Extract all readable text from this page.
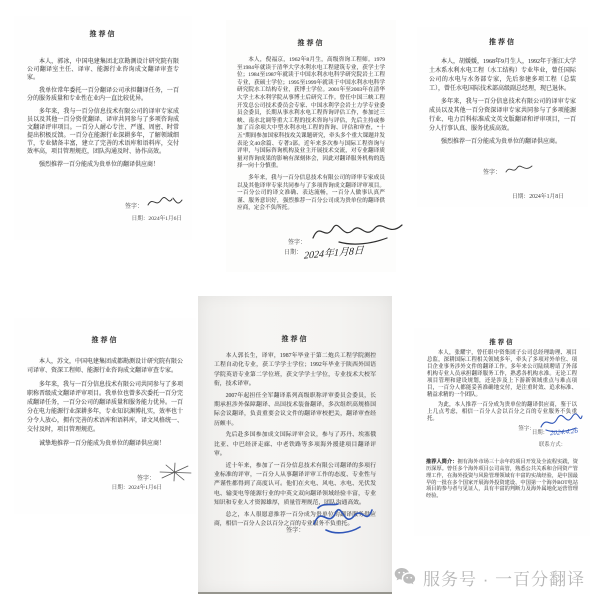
推荐信

本人，郭冰，中国电建集团北京勘测设计研究院有限公司翻译室主任、译审、能源行业咨询成文翻译审查专家。

我单位常年委托一百分翻译公司承担翻译任务，一百分的服务质量和专业性在业内一直比较优异。

多年来，我与一百分信息技术有限公司的译审专家成员以及其他一百分资优翻译、译审共同参与了多项咨询成文翻译评审项目。一百分人耐心专注、严谨、周密、时常提出积极反馈。一百分在能源行业深耕多年，了解领域细节，专业储备丰富，建立了完善的术语库和语料库，交付效率高，项目管理规范，团队沟通及时、协作高效。

强烈推荐一百分能成为贵单位的翻译供应商！

签字：
日期：2024年1月6日
推荐信

本人，倪福京，1962年8月生，高级咨询工程师。1979至1984年就读于清华大学水利水电工程建筑专业，获学士学位；1984至1987年就读于中国水利水电科学研究院岩土工程专业，获硕士学位；1995至1999年就读于中国水利水电科学研究院水工结构专业，获博士学位。2001年至2003年在清华大学土木水利学院从事博士后研究工作。曾任中国三峡工程开发总公司技术委员会专家、中国水利学会岩土力学专业委员会委员，长期从事水利水电工程咨询评估工作，参加过三峡、南水北调等重大工程的技术咨询与评估，先后主持或参加了百余项大中型水利水电工程的咨询、评估和审查，“十五”期间参加国家科技攻关课题研究，牵头多个重大课题并发表论文40余篇、专著3部。近年来多次参与国际工程咨询与评审，与国际咨询机构及业主开展技术交流，对专业翻译质量对咨询成果的影响有深刻体会，因此对翻译服务机构的选择一向十分慎重。

多年来，我与一百分信息技术有限公司的译审专家成员以及其他译审专家共同参与了多项咨询成文翻译评审项目。一百分公司的译文准确、表达流畅，一百分人做事认真严谨、服务意识好，强烈推荐一百分公司成为贵单位的翻译供应商，定会不负所托。

签字：
日期： 2024年1月8日
推荐信

本人，胡媛媛，1968年9月生人，1992年于浙江大学土木系水利水电工程（水工结构）专业毕业，曾任国际公司的水电与水务部专家，先后参建多项工程（总装工），曾任水电国际技术部高级副总经理，现已退休。

多年来，我与一百分信息技术有限公司的译审专家成员以及其他一百分资深译审专家共同参与了多项能源行业、电力百科标准成文英文版翻译和评审项目，一百分人行事认真、服务优质高效。

强烈推荐一百分能成为贵单位的翻译供应商。

签字：
日期：2024年1月8日
推荐信

本人，苏文，中国电建集团成都勘测设计研究院有限公司译审、资深工程师、能源行业咨询成文翻译审查专家。

多年来，我与一百分信息技术有限公司共同参与了多项职称晋级成文翻译评审项目。我单位也曾多次委托一百分完成翻译任务，一百分公司的翻译质量和服务能力优异。一百分在电力能源行业深耕多年，专业知识渊博扎实，效率也十分令人放心，拥有完善的术语库和语料库，译文风格统一、交付及时，项目管理规范。

诚挚地推荐一百分能成为贵单位的翻译供应商！

签字：
日期：2024年1月6日
推荐信

本人郭长生，译审，1987年毕业于第二炮兵工程学院测控工程自动化专业，获工学学士学位；1992年毕业于陕西外国语学院英语专业第二学位班，获文学学士学位，专业技术大校军衔，技术译审。

2007年起担任全军翻译系列高级职称评审委员会委员，长期承担涉外保障翻译、出国技术装备翻译，多次组织高规格国际会议翻译，负责重要会议文件的翻译审校把关，翻译审查经历颇丰。

先后赴多国参加成文国际评审会议，参与了苏丹、埃塞俄比亚、中巴经济走廊、中老铁路等多项海外援建项目翻译评审。

近十年来，参加了一百分信息技术有限公司翻译的多项行业标准的评审，一百分人从事翻译评审工作的态度、专业性与严谨性都得到了高度认可。他们在火电、风电、水电、光伏发电、输变电等能源行业的中英文双向翻译领域经验丰富，专业知识和专业人才资源雄厚，质量管理规范，团队沟通高效。

总之，本人很愿意推荐一百分成为贵单位的翻译服务供应商，相信一百分人会以百分之百的专业服务不负重托。

签字：
推荐信

本人，张耀宇，曾任职中资集团子公司总经理助理、项目总监，深耕国际工程相关领域多年，牵头了多项对外单位、项目企业事务涉外文件的翻译工作。多年来公司陆续聘请了外部机构专业人员承担翻译服务工作，熟悉各机构水准。无论工程项目管理和建设规划，还是涉及上下游新领域重点与难点项目，一百分人都能妥善准确地交付，是注重时效、追求标准、精益求精的一个团队。

为此，本人推荐一百分成为贵单位的翻译供应商，鉴于以上几点考虑，相信一百分人会以百分之百的专业服务不负重托。

签字：
日期： 2024.4.26
联系方式：

推荐人简介：拥有海外市场三十余年的项目开发及全流程实践，资历深厚。曾任多个海外项目公司高管，熟悉公共关系和合同资产管理工作，在海外投资与风险管理领域有丰富的实战经验，是中国最早的一批在多个国家开展海外投资建设、中国第一个海外BOT电站项目的参与者与见证人，具有丰富的判断力及海外属地化运营管理经验。

服务号 · 一百分翻译
